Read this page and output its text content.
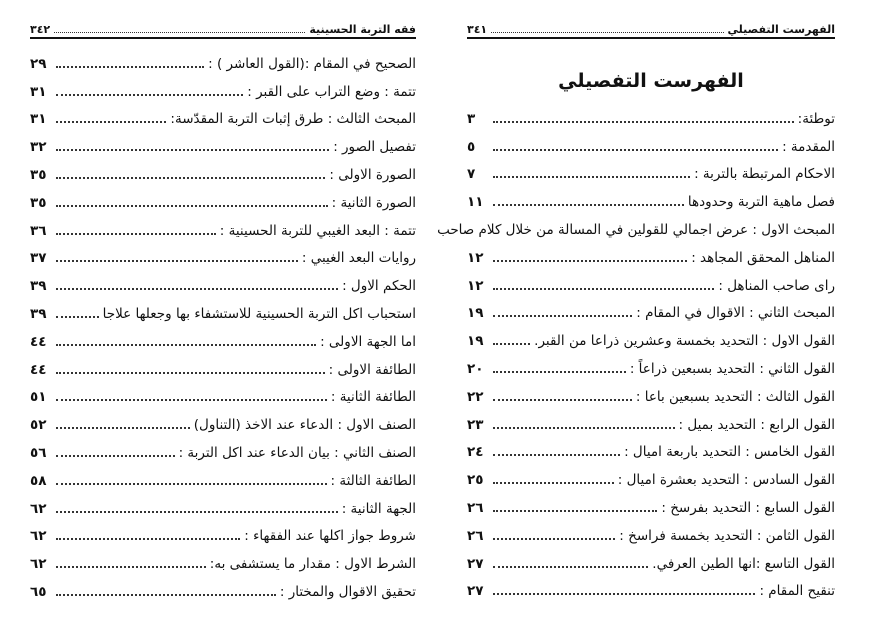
فقه التربة الحسينية
٣٤٢
الصحيح في المقام :(القول العاشر ) :
٢٩
تتمة : وضع التراب على القبر :
٣١
المبحث الثالث : طرق إثبات التربة المقدّسة:
٣١
تفصيل الصور :
٣٢
الصورة الاولى :
٣٥
الصورة الثانية :
٣٥
تتمة : البعد الغيبي للتربة الحسينية :
٣٦
روايات البعد الغيبي :
٣٧
الحكم الاول :
٣٩
استحباب اكل التربة الحسينية للاستشفاء بها وجعلها علاجا
٣٩
اما الجهة الاولى :
٤٤
الطائفة الاولى :
٤٤
الطائفة الثانية :
٥١
الصنف الاول : الدعاء عند الاخذ (التناول)
٥٢
الصنف الثاني : بيان الدعاء عند اكل التربة :
٥٦
الطائفة الثالثة :
٥٨
الجهة الثانية :
٦٢
شروط جواز اكلها عند الفقهاء :
٦٢
الشرط الاول : مقدار ما يستشفى به:
٦٢
تحقيق الاقوال والمختار :
٦٥
الفهرست التفصيلي
٣٤١
الفهرست التفصيلي
توطئة:
٣
المقدمة :
٥
الاحكام المرتبطة بالتربة :
٧
فصل ماهية التربة وحدودها
١١
المبحث الاول : عرض اجمالي للقولين في المسالة من خلال كلام صاحب
المناهل المحقق المجاهد :
١٢
راى صاحب المناهل :
١٢
المبحث الثاني : الاقوال في المقام :
١٩
القول الاول : التحديد بخمسة وعشرين ذراعا من القبر.
١٩
القول الثاني : التحديد بسبعين ذراعاً :
٢٠
القول الثالث : التحديد بسبعين باعا :
٢٢
القول الرابع : التحديد بميل :
٢٣
القول الخامس : التحديد باربعة اميال :
٢٤
القول السادس : التحديد بعشرة اميال :
٢٥
القول السابع : التحديد بفرسخ :
٢٦
القول الثامن : التحديد بخمسة فراسخ :
٢٦
القول التاسع :انها الطين العرفي.
٢٧
تنقيح المقام :
٢٧
